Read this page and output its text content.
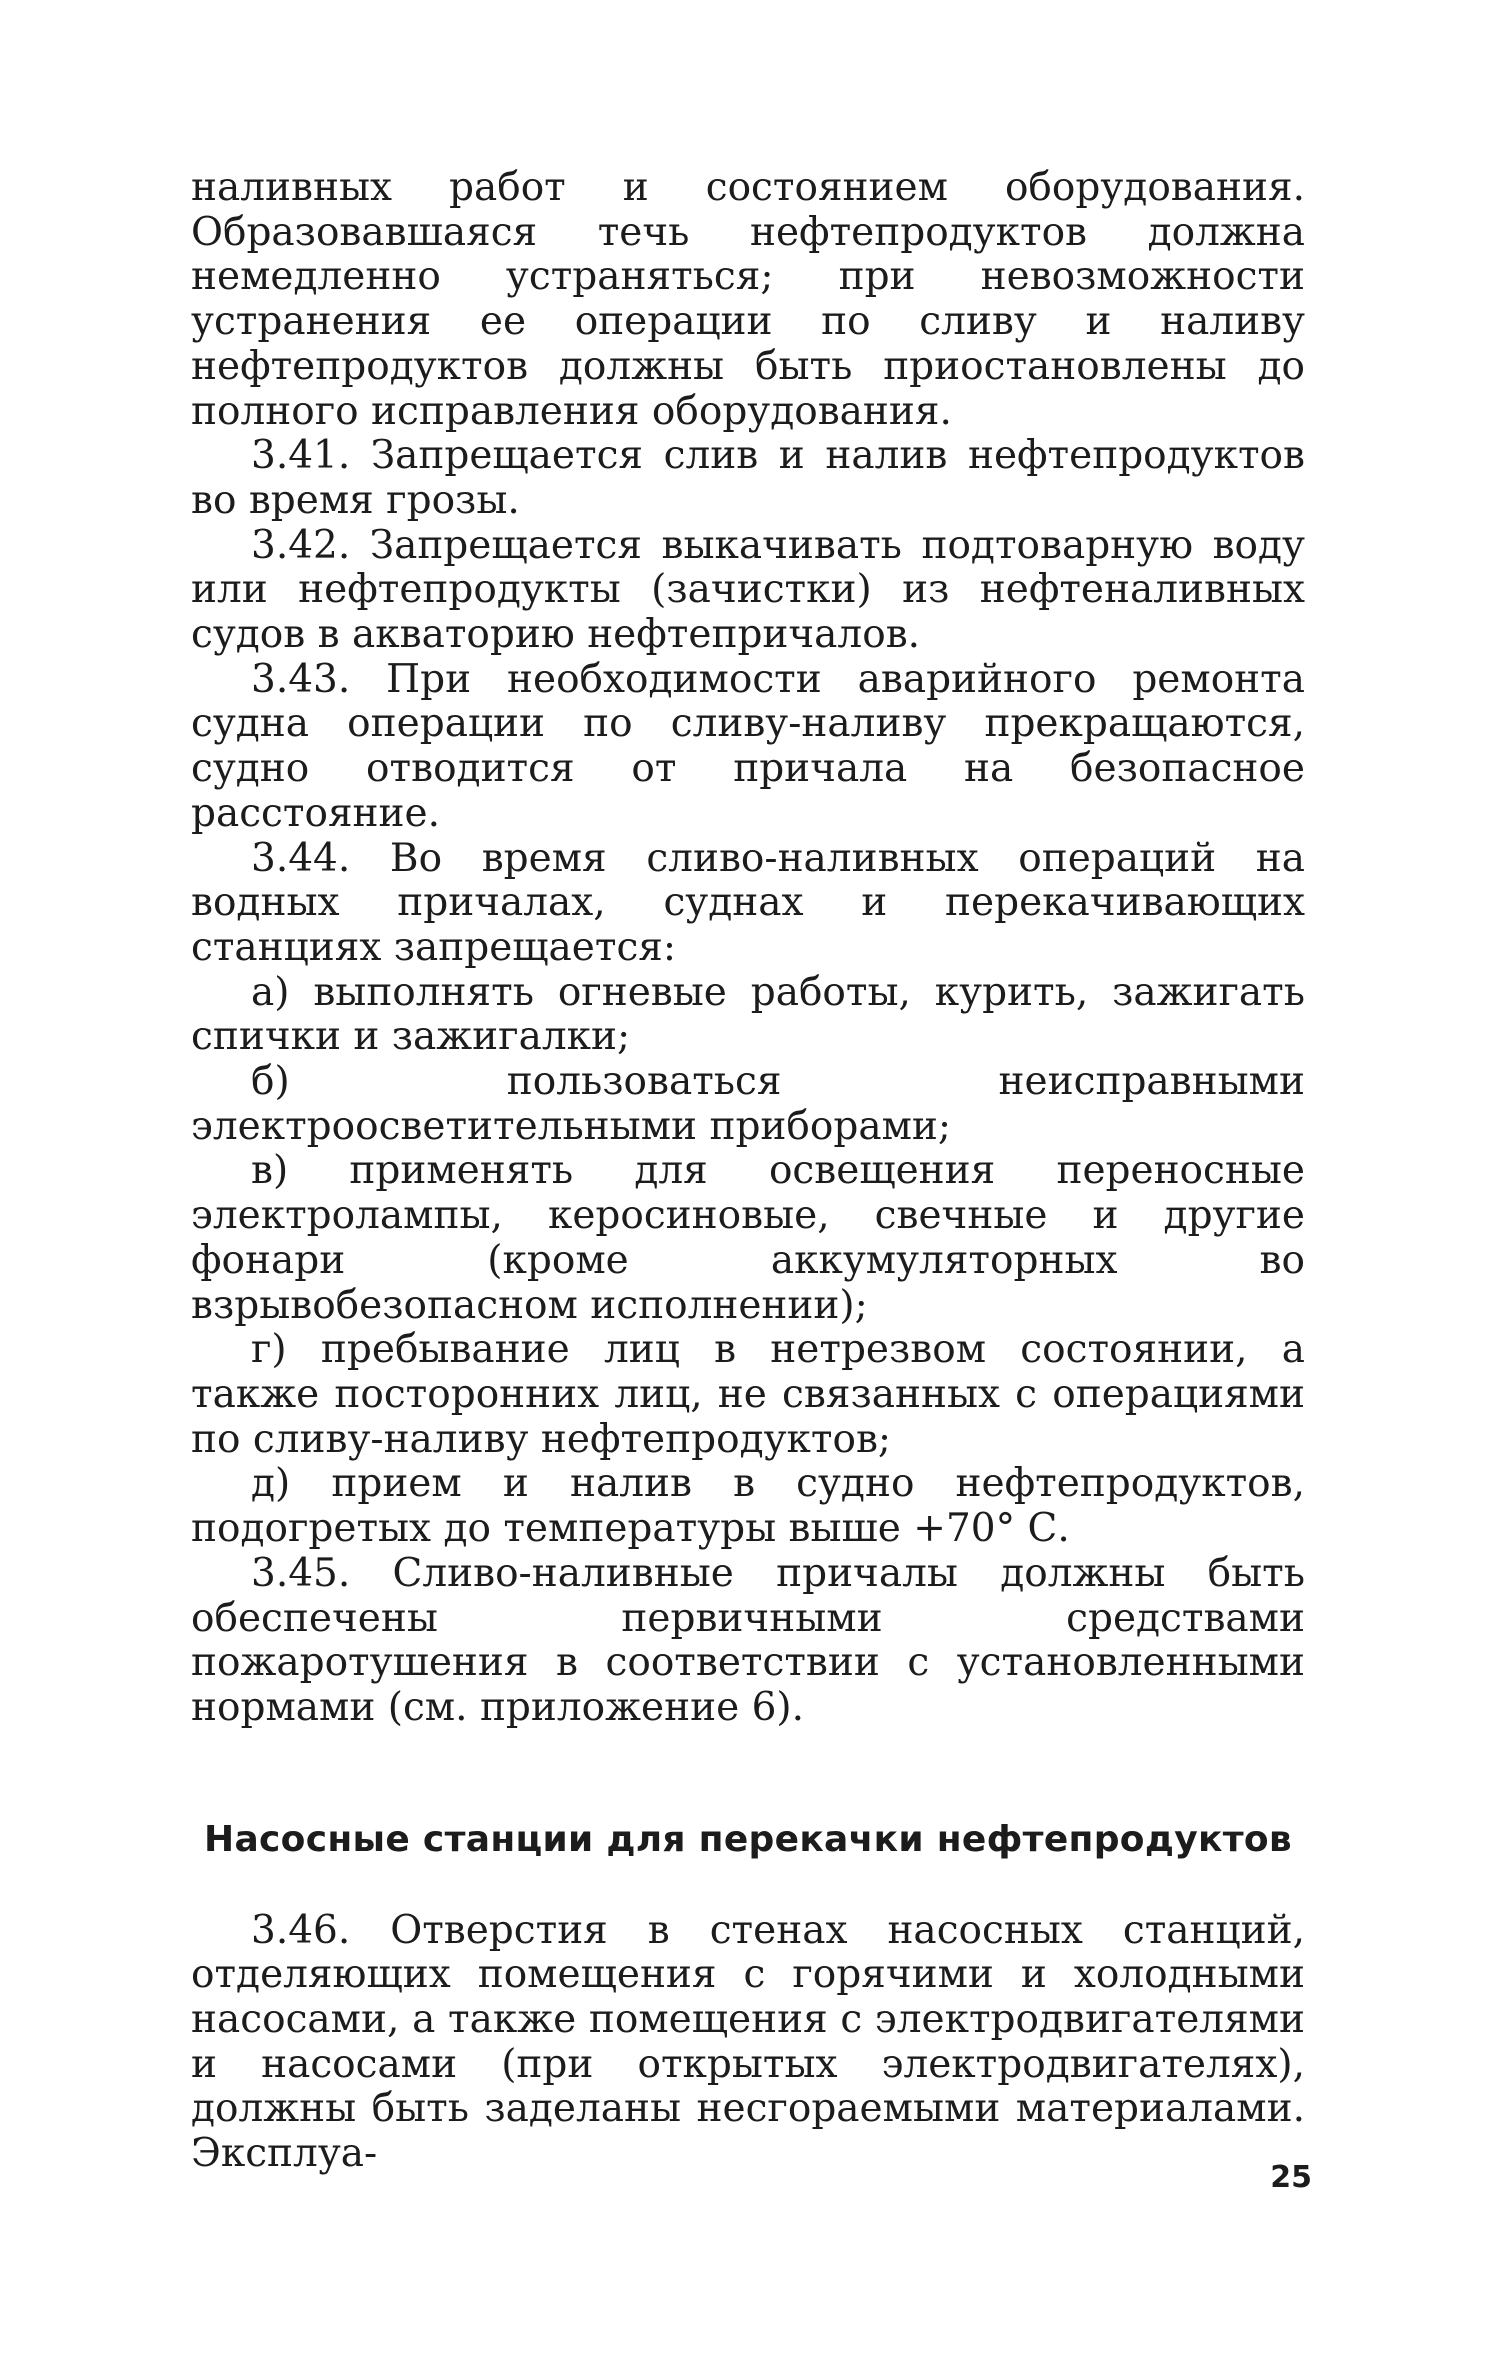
наливных работ и состоянием оборудования. Образовавшаяся течь нефтепродуктов должна немедленно устраняться; при невозможности устранения ее операции по сливу и наливу нефтепродуктов должны быть приостановлены до полного исправления оборудования.

3.41. Запрещается слив и налив нефтепродуктов во время грозы.

3.42. Запрещается выкачивать подтоварную воду или нефтепродукты (зачистки) из нефтеналивных судов в акваторию нефтепричалов.

3.43. При необходимости аварийного ремонта судна операции по сливу-наливу прекращаются, судно отводится от причала на безопасное расстояние.

3.44. Во время сливо-наливных операций на водных причалах, суднах и перекачивающих станциях запрещается:

а) выполнять огневые работы, курить, зажигать спички и зажигалки;

б) пользоваться неисправными электроосветительными приборами;

в) применять для освещения переносные электролампы, керосиновые, свечные и другие фонари (кроме аккумуляторных во взрывобезопасном исполнении);

г) пребывание лиц в нетрезвом состоянии, а также посторонних лиц, не связанных с операциями по сливу-наливу нефтепродуктов;

д) прием и налив в судно нефтепродуктов, подогретых до температуры выше +70° С.

3.45. Сливо-наливные причалы должны быть обеспечены первичными средствами пожаротушения в соответствии с установленными нормами (см. приложение 6).

Насосные станции для перекачки нефтепродуктов

3.46. Отверстия в стенах насосных станций, отделяющих помещения с горячими и холодными насосами, а также помещения с электродвигателями и насосами (при открытых электродвигателях), должны быть заделаны несгораемыми материалами. Эксплуа-

25
